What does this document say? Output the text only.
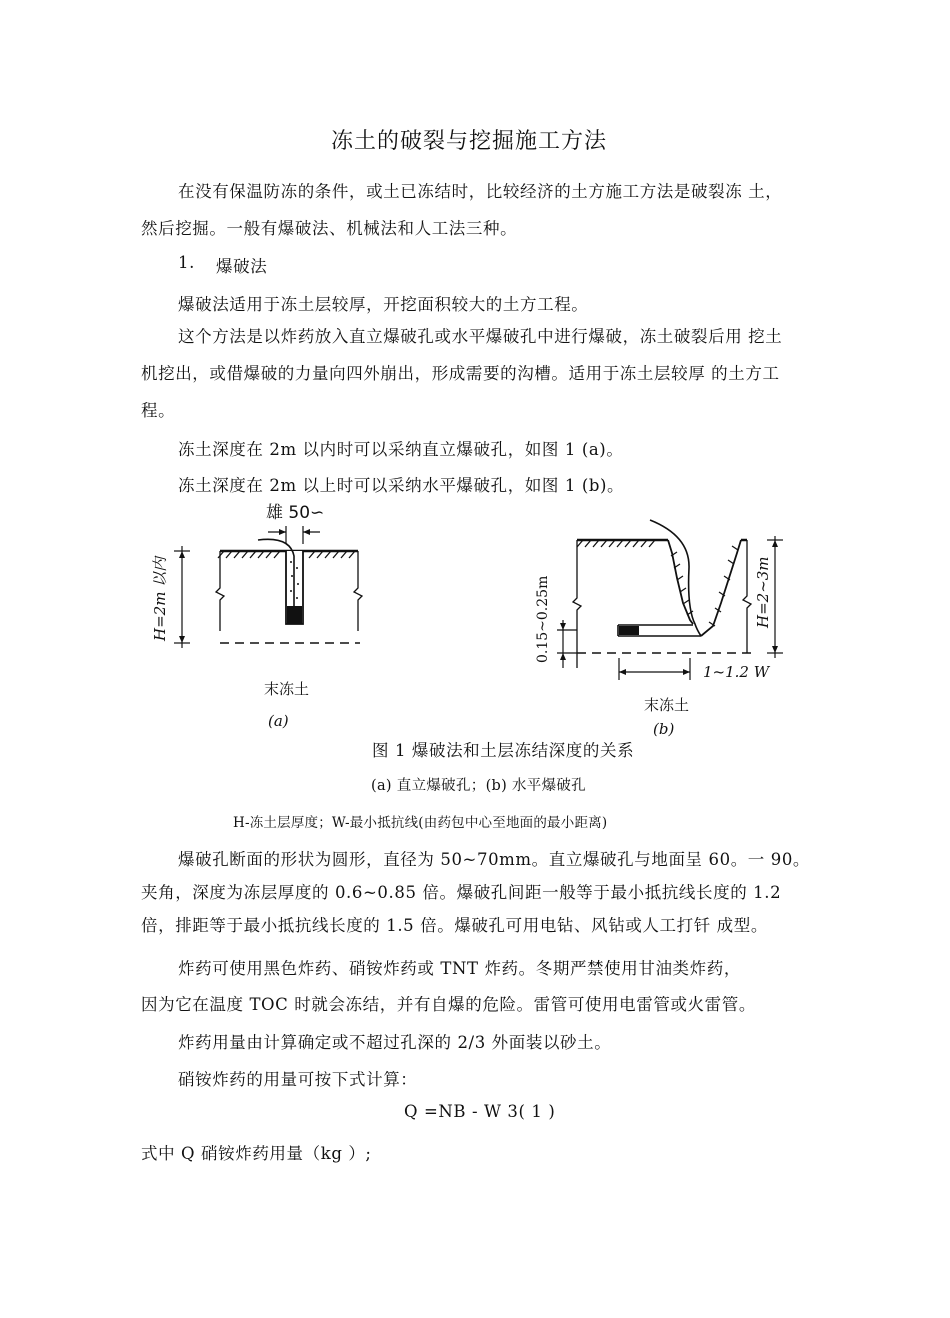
冻土的破裂与挖掘施工方法
在没有保温防冻的条件，或土已冻结时，比较经济的土方施工方法是破裂冻 土，
然后挖掘。一般有爆破法、机械法和人工法三种。
1. 爆破法
爆破法适用于冻土层较厚，开挖面积较大的土方工程。
这个方法是以炸药放入直立爆破孔或水平爆破孔中进行爆破，冻土破裂后用 挖土
机挖出，或借爆破的力量向四外崩出，形成需要的沟槽。适用于冻土层较厚 的土方工
程。
冻土深度在 2m 以内时可以采纳直立爆破孔，如图 1 (a)。
冻土深度在 2m 以上时可以采纳水平爆破孔，如图 1 (b)。
雄 50∽
H=2m 以内
末冻土
(a)
0.15~0.25m	H=2~3m
1~1.2 W
末冻土
(b)
图 1 爆破法和土层冻结深度的关系
(a) 直立爆破孔；(b) 水平爆破孔
H-冻土层厚度；W-最小抵抗线(由药包中心至地面的最小距离)
爆破孔断面的形状为圆形，直径为 50~70mm。直立爆破孔与地面呈 60。一 90。
夹角，深度为冻层厚度的 0.6~0.85 倍。爆破孔间距一般等于最小抵抗线长度的 1.2
倍，排距等于最小抵抗线长度的 1.5 倍。爆破孔可用电钻、风钻或人工打钎 成型。
炸药可使用黑色炸药、硝铵炸药或 TNT 炸药。冬期严禁使用甘油类炸药，
因为它在温度 TOC 时就会冻结，并有自爆的危险。雷管可使用电雷管或火雷管。
炸药用量由计算确定或不超过孔深的 2/3 外面装以砂土。
硝铵炸药的用量可按下式计算：
Q =NB - W 3( 1 )
式中 Q 硝铵炸药用量（kg ）;
